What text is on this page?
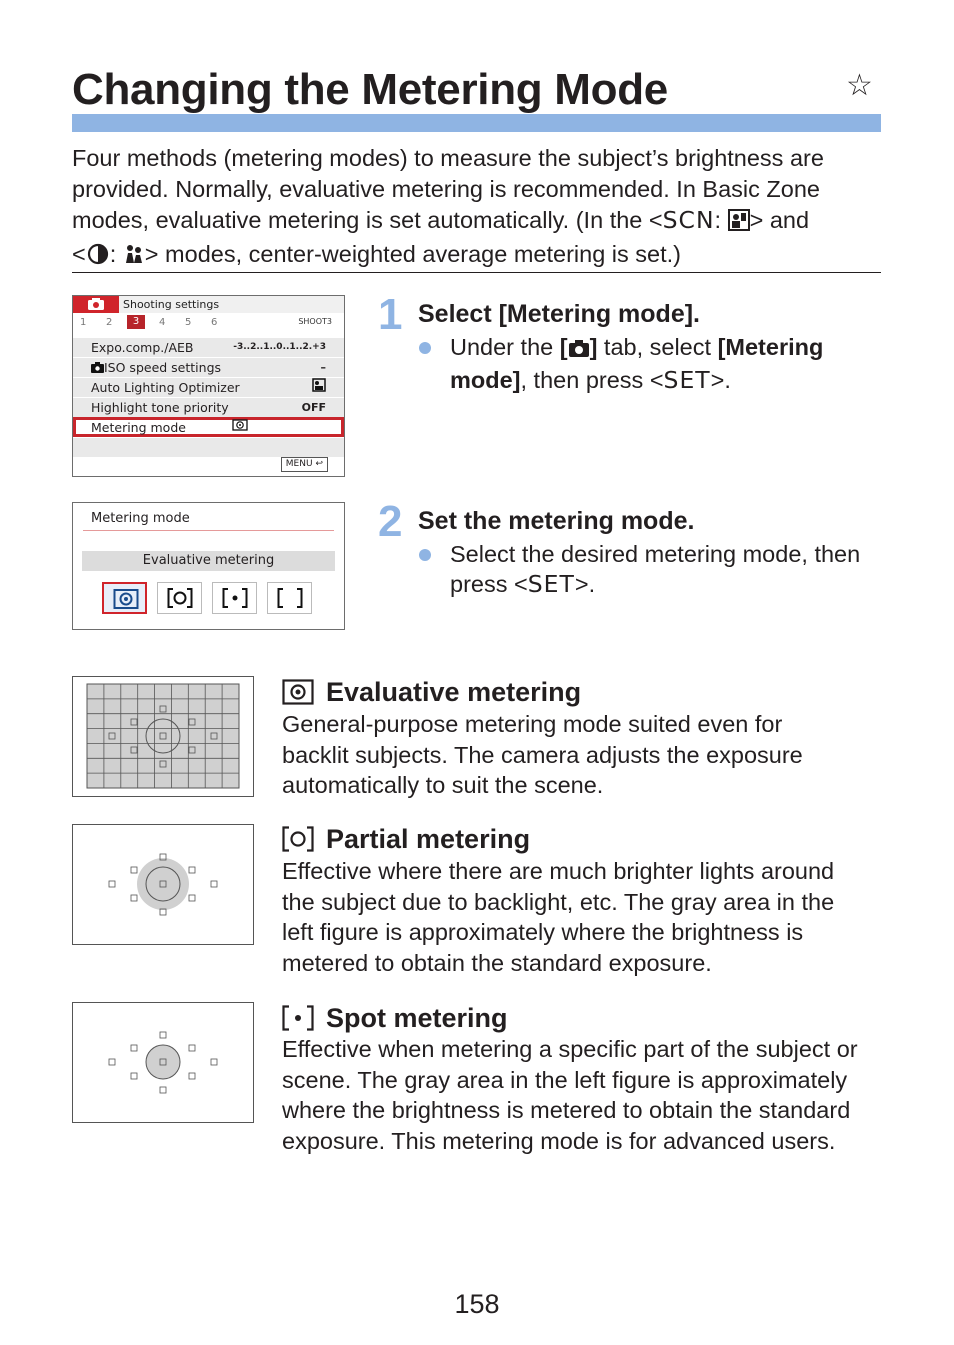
Changing the Metering Mode	☆

Four methods (metering modes) to measure the subject’s brightness are
provided. Normally, evaluative metering is recommended. In Basic Zone
modes, evaluative metering is set automatically. (In the <SCN: > and
< : > modes, center-weighted average metering is set.)

Shooting settings
1 2	3	4 5 6	SHOOT3
Expo.comp./AEB	-3..2..1..0..1..2.+3
ISO speed settings	–
Auto Lighting Optimizer
Highlight tone priority	OFF
Metering mode
MENU ↩
Metering mode
Evaluative metering
1 Select [Metering mode].
Under the [ ] tab, select [Metering
mode], then press <SET>.
2 Set the metering mode.
Select the desired metering mode, then
press <SET>.
Evaluative metering
General-purpose metering mode suited even for
backlit subjects. The camera adjusts the exposure
automatically to suit the scene.
Partial metering
Effective where there are much brighter lights around
the subject due to backlight, etc. The gray area in the
left figure is approximately where the brightness is
metered to obtain the standard exposure.
Spot metering
Effective when metering a specific part of the subject or
scene. The gray area in the left figure is approximately
where the brightness is metered to obtain the standard
exposure. This metering mode is for advanced users.
158
